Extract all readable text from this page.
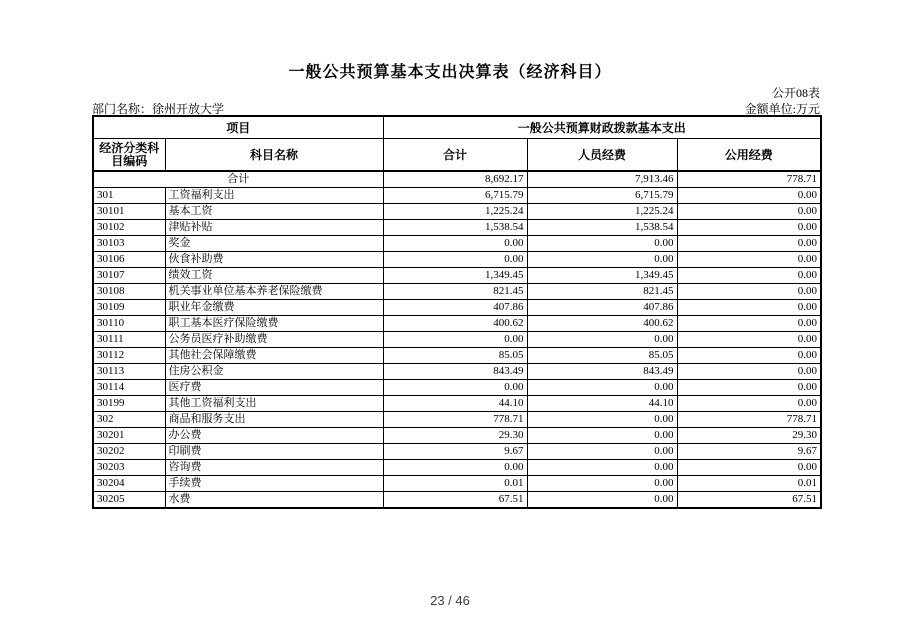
一般公共预算基本支出决算表（经济科目）
公开08表
部门名称：徐州开放大学	金额单位:万元
项目		一般公共预算财政拨款基本支出		
经济分类科目编码	科目名称	合计	人员经费	公用经费
合计		8,692.17	7,913.46	778.71
301	工资福利支出	6,715.79	6,715.79	0.00
30101	基本工资	1,225.24	1,225.24	0.00
30102	津贴补贴	1,538.54	1,538.54	0.00
30103	奖金	0.00	0.00	0.00
30106	伙食补助费	0.00	0.00	0.00
30107	绩效工资	1,349.45	1,349.45	0.00
30108	机关事业单位基本养老保险缴费	821.45	821.45	0.00
30109	职业年金缴费	407.86	407.86	0.00
30110	职工基本医疗保险缴费	400.62	400.62	0.00
30111	公务员医疗补助缴费	0.00	0.00	0.00
30112	其他社会保障缴费	85.05	85.05	0.00
30113	住房公积金	843.49	843.49	0.00
30114	医疗费	0.00	0.00	0.00
30199	其他工资福利支出	44.10	44.10	0.00
302	商品和服务支出	778.71	0.00	778.71
30201	办公费	29.30	0.00	29.30
30202	印刷费	9.67	0.00	9.67
30203	咨询费	0.00	0.00	0.00
30204	手续费	0.01	0.00	0.01
30205	水费	67.51	0.00	67.51
23 / 46
